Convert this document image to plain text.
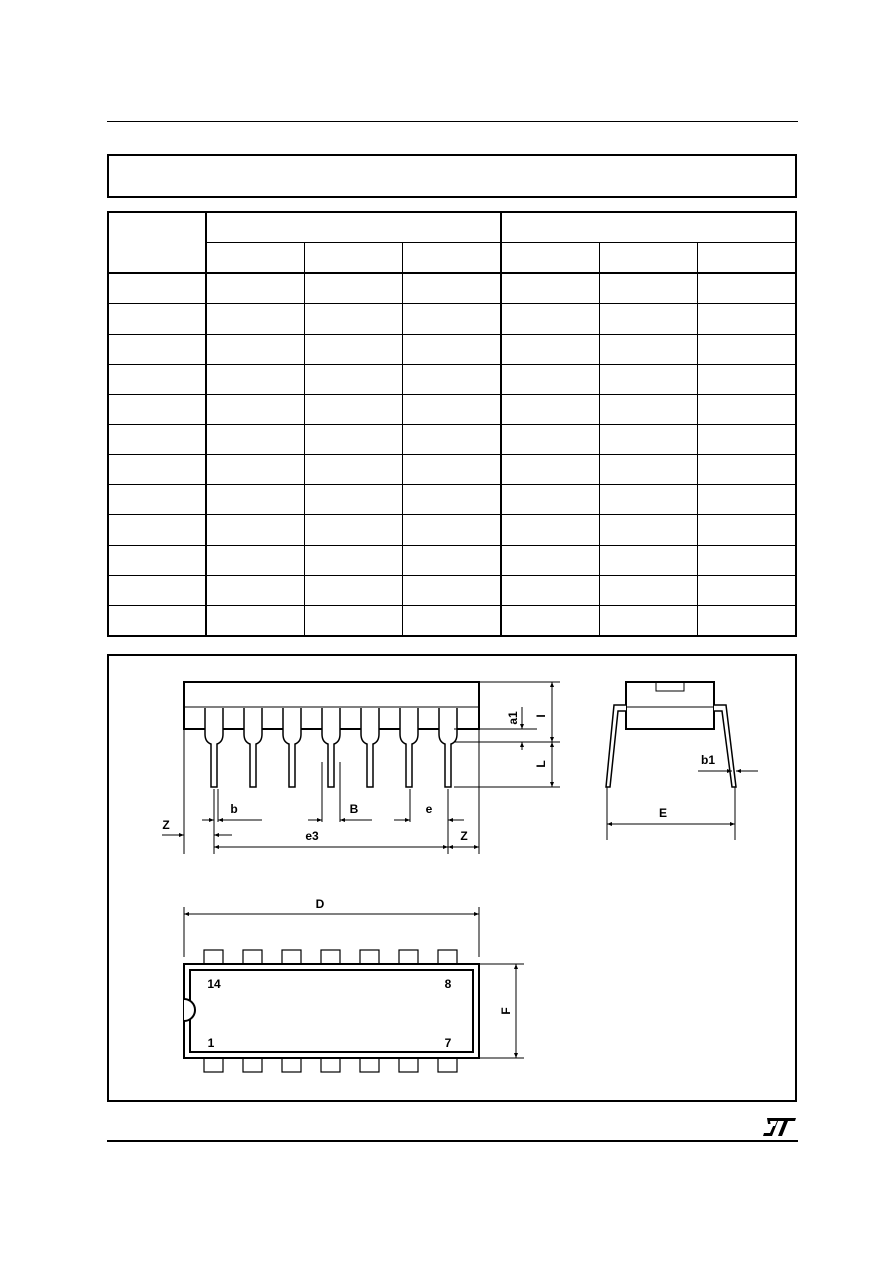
Z
b	B	e
e3	Z
a1 I
L	b1
E
D
F
14	8
1	7
